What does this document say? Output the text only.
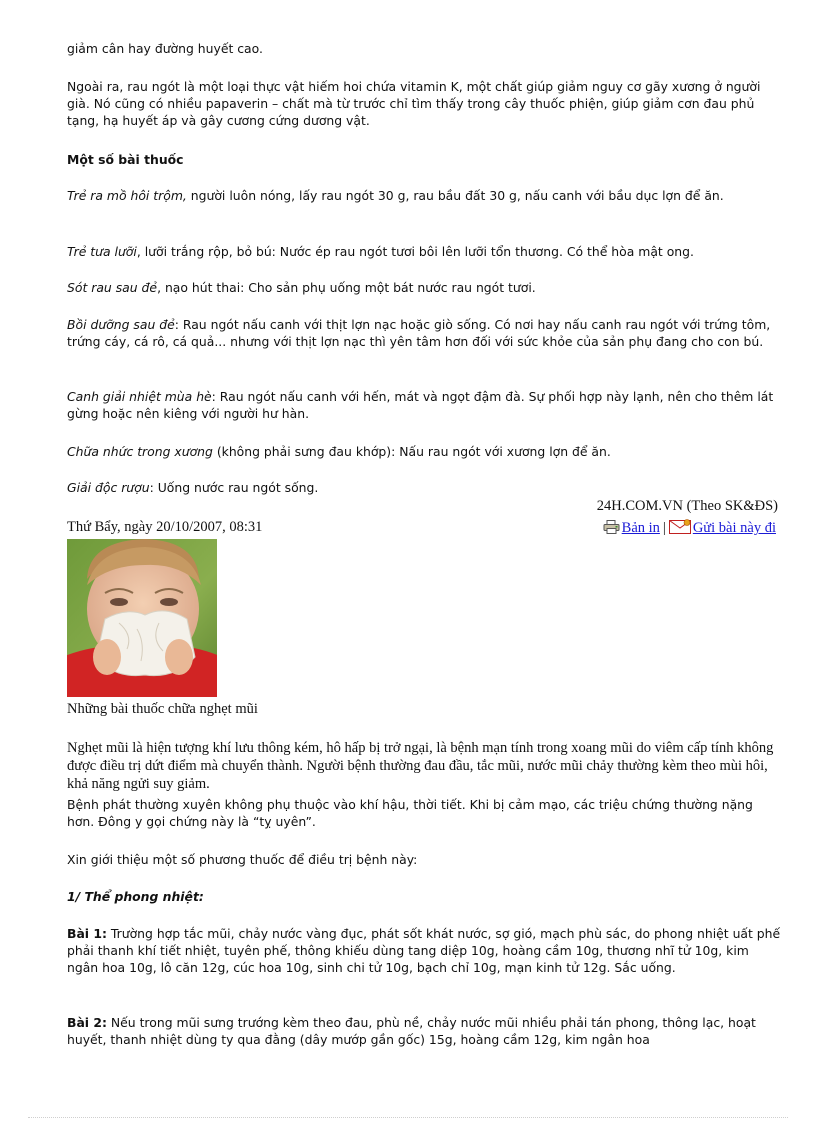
giảm cân hay đường huyết cao.

Ngoài ra, rau ngót là một loại thực vật hiếm hoi chứa vitamin K, một chất giúp giảm nguy cơ gãy xương ở người già. Nó cũng có nhiều papaverin – chất mà từ trước chỉ tìm thấy trong cây thuốc phiện, giúp giảm cơn đau phủ tạng, hạ huyết áp và gây cương cứng dương vật.

Một số bài thuốc

Trẻ ra mồ hôi trộm, người luôn nóng, lấy rau ngót 30 g, rau bầu đất 30 g, nấu canh với bầu dục lợn để ăn.

Trẻ tưa lưỡi, lưỡi trắng rộp, bỏ bú: Nước ép rau ngót tươi bôi lên lưỡi tổn thương. Có thể hòa mật ong.

Sót rau sau đẻ, nạo hút thai: Cho sản phụ uống một bát nước rau ngót tươi.

Bồi dưỡng sau đẻ: Rau ngót nấu canh với thịt lợn nạc hoặc giò sống. Có nơi hay nấu canh rau ngót với trứng tôm, trứng cáy, cá rô, cá quả... nhưng với thịt lợn nạc thì yên tâm hơn đối với sức khỏe của sản phụ đang cho con bú.

Canh giải nhiệt mùa hè: Rau ngót nấu canh với hến, mát và ngọt đậm đà. Sự phối hợp này lạnh, nên cho thêm lát gừng hoặc nên kiêng với người hư hàn.

Chữa nhức trong xương (không phải sưng đau khớp): Nấu rau ngót với xương lợn để ăn.

Giải độc rượu: Uống nước rau ngót sống.

24H.COM.VN (Theo SK&ĐS)
Thứ Bẩy, ngày 20/10/2007, 08:31	Bản in | Gửi bài này đi
Những bài thuốc chữa nghẹt mũi

Nghẹt mũi là hiện tượng khí lưu thông kém, hô hấp bị trở ngại, là bệnh mạn tính trong xoang mũi do viêm cấp tính không được điều trị dứt điểm mà chuyển thành. Người bệnh thường đau đầu, tắc mũi, nước mũi chảy thường kèm theo mùi hôi, khả năng ngửi suy giảm.

Bệnh phát thường xuyên không phụ thuộc vào khí hậu, thời tiết. Khi bị cảm mạo, các triệu chứng thường nặng hơn. Đông y gọi chứng này là “tỵ uyên”.

Xin giới thiệu một số phương thuốc để điều trị bệnh này:

1/ Thể phong nhiệt:

Bài 1: Trường hợp tắc mũi, chảy nước vàng đục, phát sốt khát nước, sợ gió, mạch phù sác, do phong nhiệt uất phế phải thanh khí tiết nhiệt, tuyên phế, thông khiếu dùng tang diệp 10g, hoàng cầm 10g, thương nhĩ tử 10g, kim ngân hoa 10g, lô căn 12g, cúc hoa 10g, sinh chi tử 10g, bạch chỉ 10g, mạn kinh tử 12g. Sắc uống.

Bài 2: Nếu trong mũi sưng trướng kèm theo đau, phù nề, chảy nước mũi nhiều phải tán phong, thông lạc, hoạt huyết, thanh nhiệt dùng ty qua đằng (dây mướp gần gốc) 15g, hoàng cầm 12g, kim ngân hoa
